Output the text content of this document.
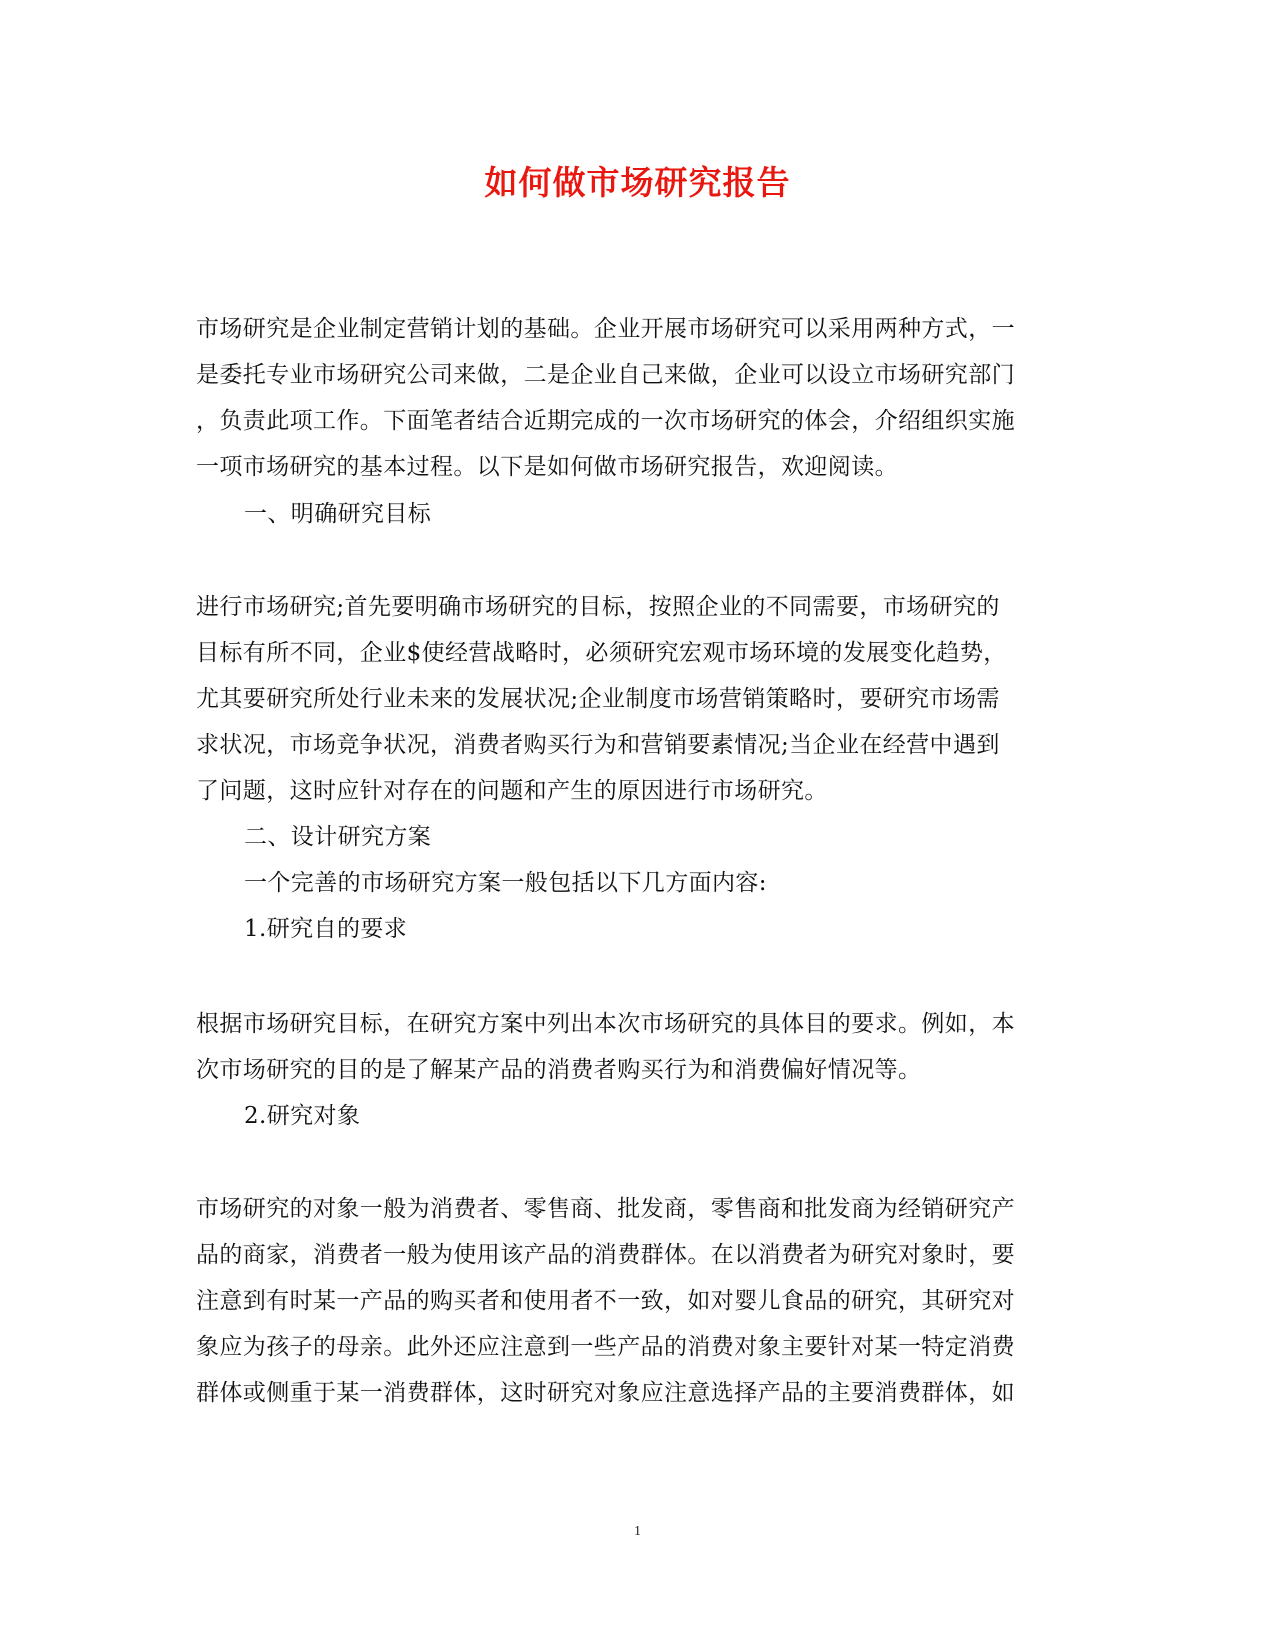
如何做市场研究报告
市场研究是企业制定营销计划的基础。企业开展市场研究可以采用两种方式，一
是委托专业市场研究公司来做，二是企业自己来做，企业可以设立市场研究部门
，负责此项工作。下面笔者结合近期完成的一次市场研究的体会，介绍组织实施
一项市场研究的基本过程。以下是如何做市场研究报告，欢迎阅读。
一、明确研究目标
进行市场研究;首先要明确市场研究的目标，按照企业的不同需要，市场研究的
目标有所不同，企业$使经营战略时，必须研究宏观市场环境的发展变化趋势，
尤其要研究所处行业未来的发展状况;企业制度市场营销策略时，要研究市场需
求状况，市场竞争状况，消费者购买行为和营销要素情况;当企业在经营中遇到
了问题，这时应针对存在的问题和产生的原因进行市场研究。
二、设计研究方案
一个完善的市场研究方案一般包括以下几方面内容:
1.研究自的要求
根据市场研究目标，在研究方案中列出本次市场研究的具体目的要求。例如，本
次市场研究的目的是了解某产品的消费者购买行为和消费偏好情况等。
2.研究对象
市场研究的对象一般为消费者、零售商、批发商，零售商和批发商为经销研究产
品的商家，消费者一般为使用该产品的消费群体。在以消费者为研究对象时，要
注意到有时某一产品的购买者和使用者不一致，如对婴儿食品的研究，其研究对
象应为孩子的母亲。此外还应注意到一些产品的消费对象主要针对某一特定消费
群体或侧重于某一消费群体，这时研究对象应注意选择产品的主要消费群体，如
1
